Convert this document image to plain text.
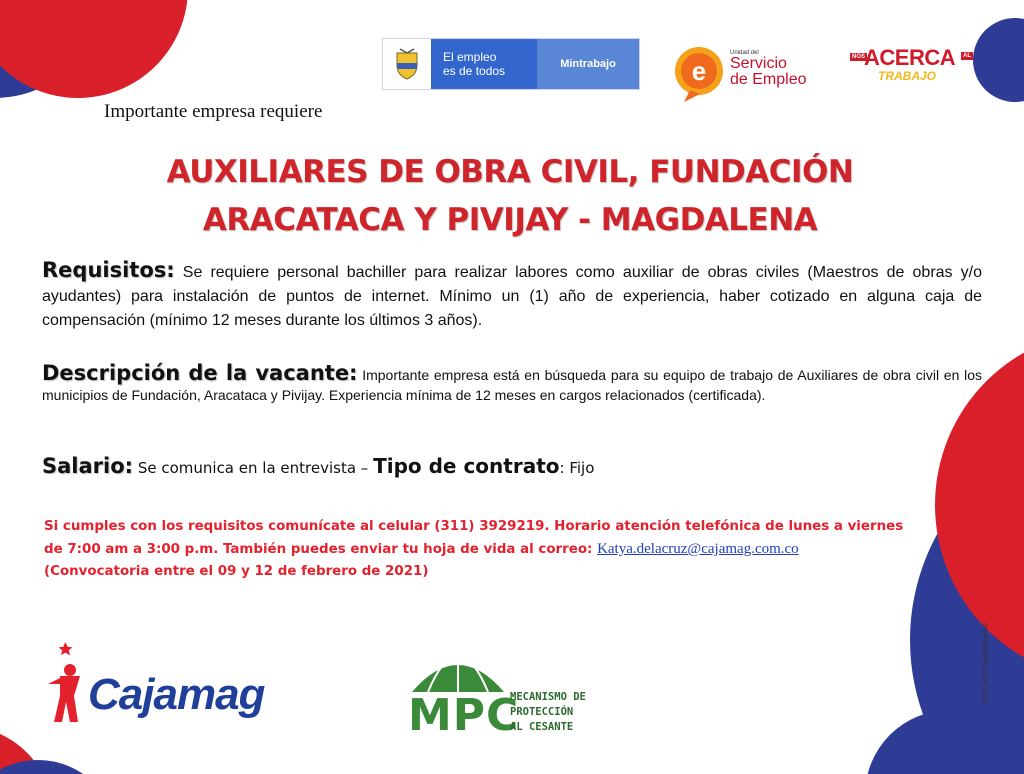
El empleo
es de todos	Mintrabajo	e
Unidad del
Servicio
de Empleo
NOS
ACERCA	AL
TRABAJO
Importante empresa requiere
AUXILIARES DE OBRA CIVIL, FUNDACIÓN
ARACATACA Y PIVIJAY - MAGDALENA
Requisitos: Se requiere personal bachiller para realizar labores como auxiliar de obras civiles (Maestros de obras y/o ayudantes) para instalación de puntos de internet. Mínimo un (1) año de experiencia, haber cotizado en alguna caja de compensación (mínimo 12 meses durante los últimos 3 años).
Descripción de la vacante: Importante empresa está en búsqueda para su equipo de trabajo de Auxiliares de obra civil en los municipios de Fundación, Aracataca y Pivijay. Experiencia mínima de 12 meses en cargos relacionados (certificada).
Salario: Se comunica en la entrevista – Tipo de contrato: Fijo
Si cumples con los requisitos comunícate al celular (311) 3929219. Horario atención telefónica de lunes a viernes
de 7:00 am a 3:00 p.m. También puedes enviar tu hoja de vida al correo: Katya.delacruz@cajamag.com.co
(Convocatoria entre el 09 y 12 de febrero de 2021)
Cajamag	MPC
MECANISMO DE
PROTECCIÓN
AL CESANTE
VIGILADO SuperSubsidio
